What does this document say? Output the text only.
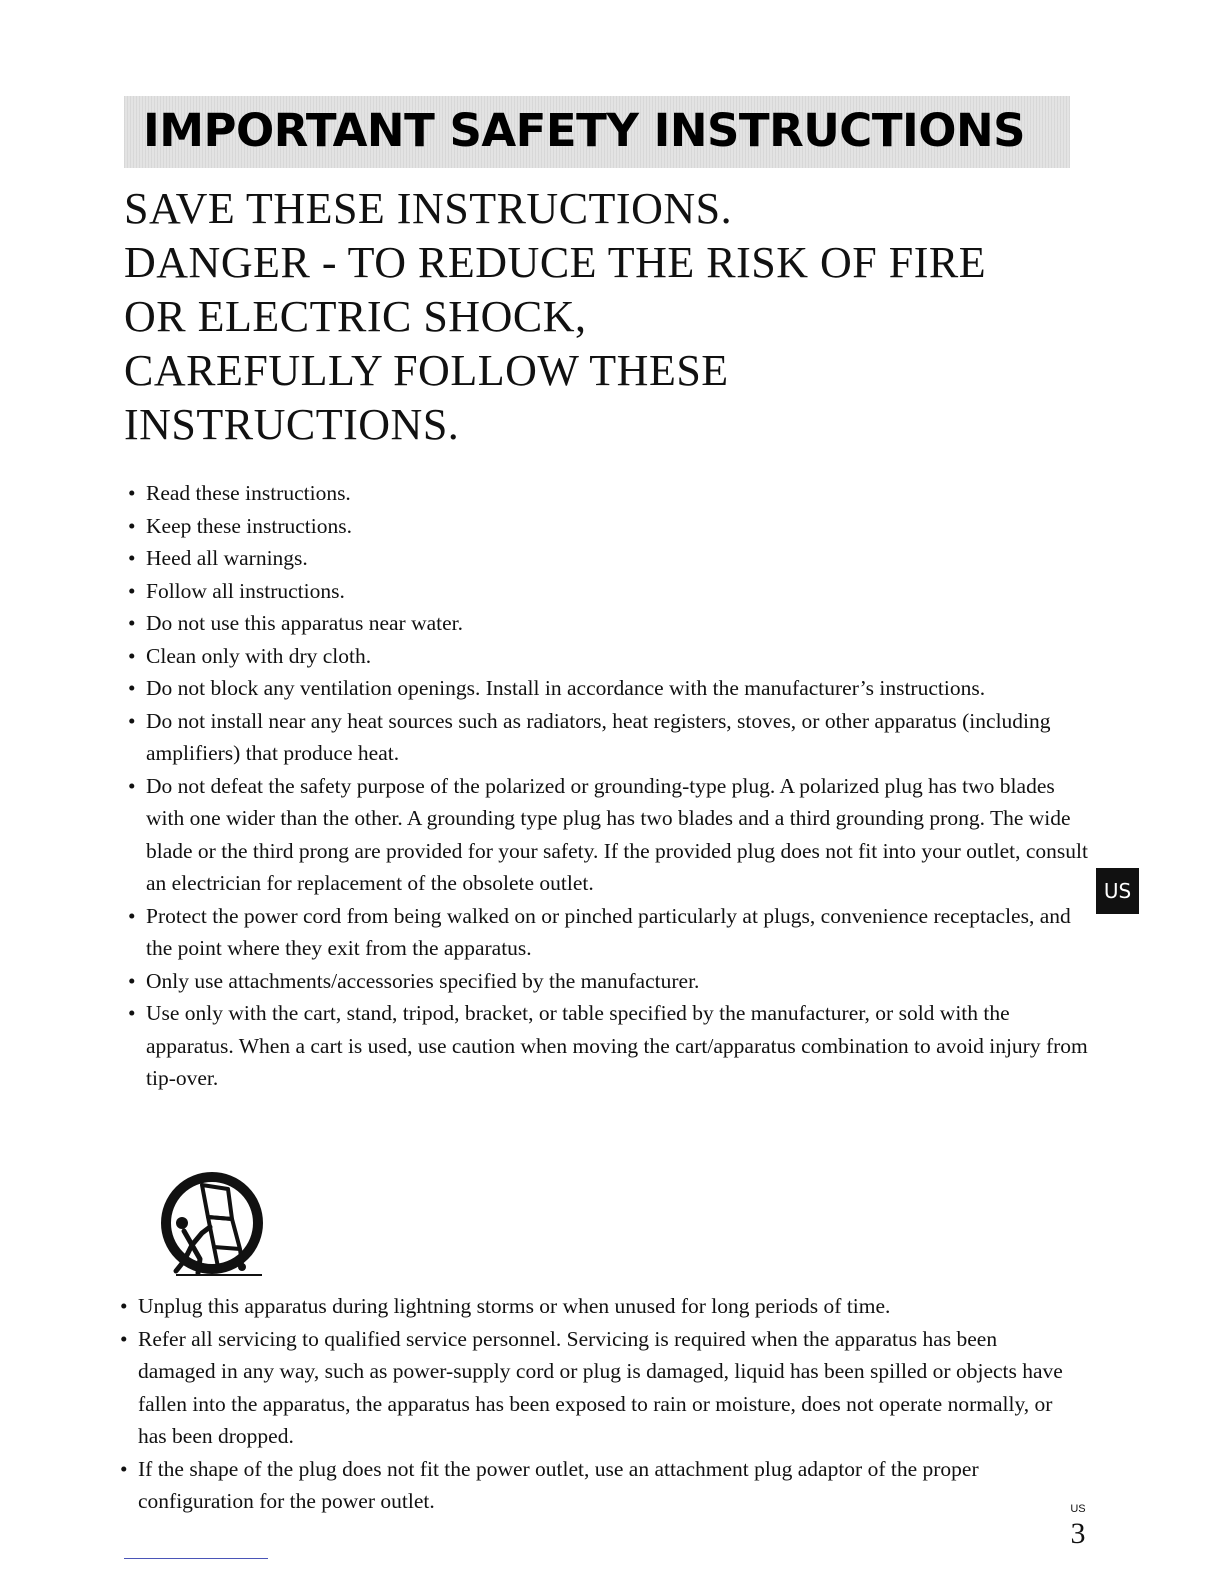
IMPORTANT SAFETY INSTRUCTIONS
SAVE THESE INSTRUCTIONS.
DANGER - TO REDUCE THE RISK OF FIRE
OR ELECTRIC SHOCK,
CAREFULLY FOLLOW THESE
INSTRUCTIONS.
• Read these instructions.
• Keep these instructions.
• Heed all warnings.
• Follow all instructions.
• Do not use this apparatus near water.
• Clean only with dry cloth.
• Do not block any ventilation openings. Install in accordance with the manufacturer’s instructions.
• Do not install near any heat sources such as radiators, heat registers, stoves, or other apparatus (including amplifiers) that produce heat.
• Do not defeat the safety purpose of the polarized or grounding-type plug. A polarized plug has two blades with one wider than the other. A grounding type plug has two blades and a third grounding prong. The wide blade or the third prong are provided for your safety. If the provided plug does not fit into your outlet, consult an electrician for replacement of the obsolete outlet.
• Protect the power cord from being walked on or pinched particularly at plugs, convenience receptacles, and the point where they exit from the apparatus.
• Only use attachments/accessories specified by the manufacturer.
• Use only with the cart, stand, tripod, bracket, or table specified by the manufacturer, or sold with the apparatus. When a cart is used, use caution when moving the cart/apparatus combination to avoid injury from tip-over.
• Unplug this apparatus during lightning storms or when unused for long periods of time.
• Refer all servicing to qualified service personnel. Servicing is required when the apparatus has been damaged in any way, such as power-supply cord or plug is damaged, liquid has been spilled or objects have fallen into the apparatus, the apparatus has been exposed to rain or moisture, does not operate normally, or has been dropped.
• If the shape of the plug does not fit the power outlet, use an attachment plug adaptor of the proper configuration for the power outlet.
US
US
3
